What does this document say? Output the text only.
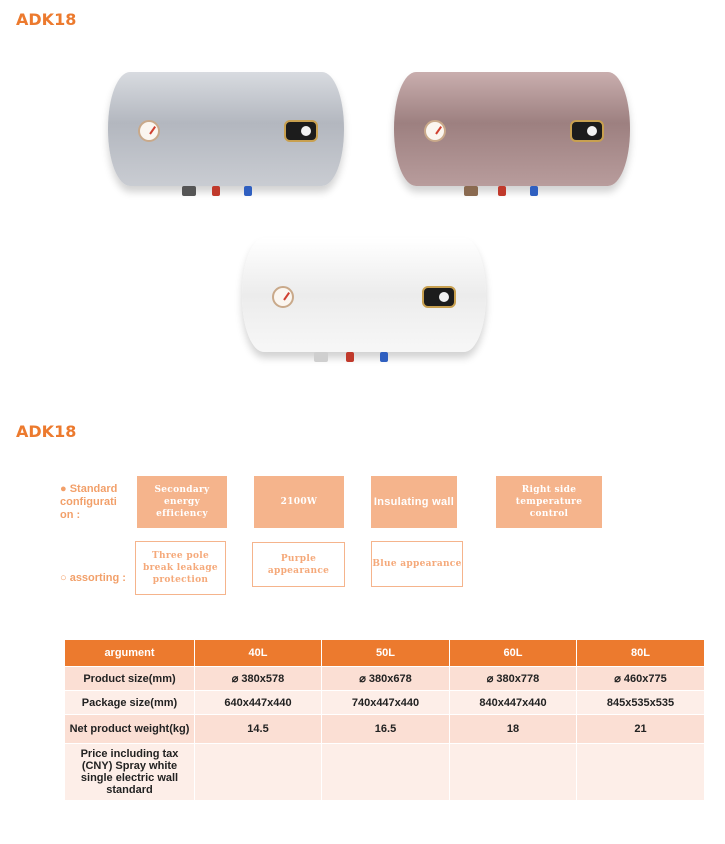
ADK18
ADK18
● Standard configurati on :
Secondary energy efficiency
2100W	Insulating wall
Right side temperature control
○ assorting :
Three pole break leakage protection
Purple appearance
Blue appearance
argument	40L	50L	60L	80L
Product size(mm)	⌀ 380x578	⌀ 380x678	⌀ 380x778	⌀ 460x775
Package size(mm)	640x447x440	740x447x440	840x447x440	845x535x535
Net product weight(kg)	14.5	16.5	18	21
Price including tax (CNY) Spray white single electric wall standard				
